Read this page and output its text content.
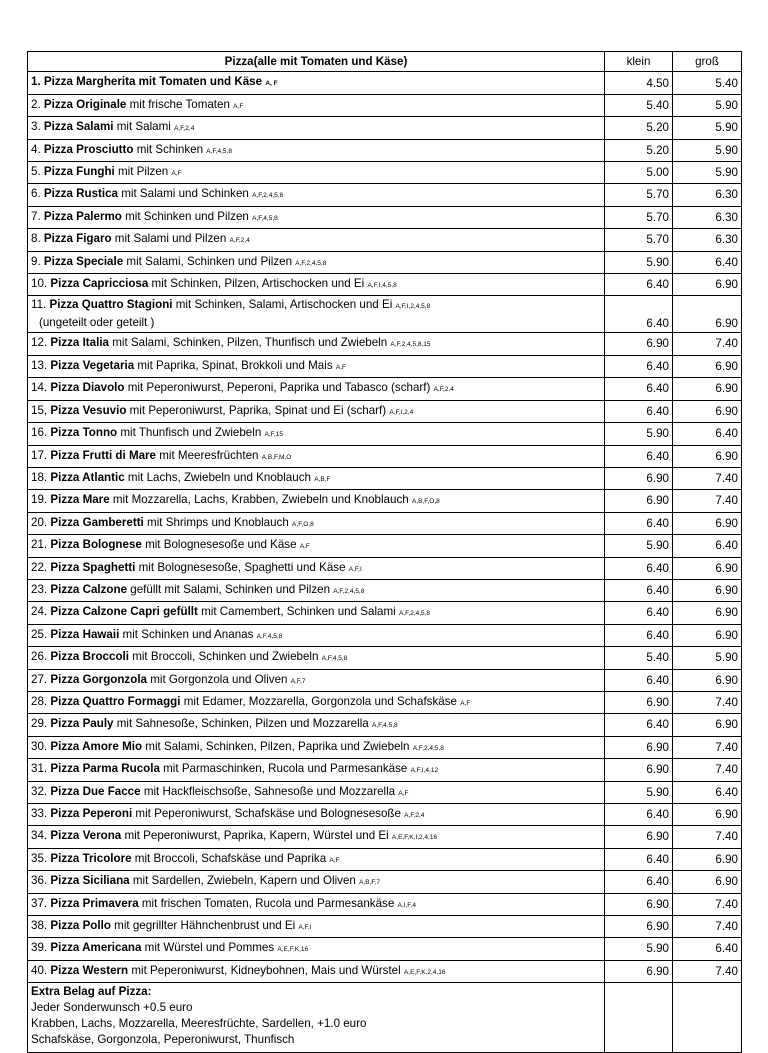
Pizza(alle mit Tomaten und Käse)	klein	groß

1. Pizza Margherita mit Tomaten und Käse A, F	4.50	5.40

2. Pizza Originale mit frische Tomaten A,F	5.40	5.90

3. Pizza Salami mit Salami A,F,2,4	5.20	5.90

4. Pizza Prosciutto mit Schinken A,F,4,5,8	5.20	5.90

5. Pizza Funghi mit Pilzen A,F	5.00	5.90

6. Pizza Rustica mit Salami und Schinken A,F,2,4,5,8	5.70	6.30

7. Pizza Palermo mit Schinken und Pilzen A,F,4,5,8	5.70	6.30

8. Pizza Figaro mit Salami und Pilzen A,F,2,4	5.70	6.30

9. Pizza Speciale mit Salami, Schinken und Pilzen A,F,2,4,5,8	5.90	6.40

10. Pizza Capricciosa mit Schinken, Pilzen, Artischocken und Ei A,F,I,4,5,8	6.40	6.90

11. Pizza Quattro Stagioni mit Schinken, Salami, Artischocken und Ei A,F,I,2,4,5,8
(ungeteilt oder geteilt )	6.40	6.90

12. Pizza Italia mit Salami, Schinken, Pilzen, Thunfisch und Zwiebeln A,F,2,4,5,8,15	6.90	7.40

13. Pizza Vegetaria mit Paprika, Spinat, Brokkoli und Mais A,F	6.40	6.90

14. Pizza Diavolo mit Peperoniwurst, Peperoni, Paprika und Tabasco (scharf) A,F,2,4	6.40	6.90

15, Pizza Vesuvio mit Peperoniwurst, Paprika, Spinat und Ei (scharf) A,F,I,2,4	6.40	6.90

16. Pizza Tonno mit Thunfisch und Zwiebeln A,F,15	5.90	6.40

17. Pizza Frutti di Mare mit Meeresfrüchten A,B,F,M,O	6.40	6.90

18. Pizza Atlantic mit Lachs, Zwiebeln und Knoblauch A,B,F	6.90	7.40

19. Pizza Mare mit Mozzarella, Lachs, Krabben, Zwiebeln und Knoblauch A,B,F,O,8	6.90	7.40

20. Pizza Gamberetti mit Shrimps und Knoblauch A,F,O,8	6.40	6.90

21. Pizza Bolognese mit Bolognesesoße und Käse A,F	5.90	6.40

22. Pizza Spaghetti mit Bolognesesoße, Spaghetti und Käse A,F,I	6.40	6.90

23. Pizza Calzone gefüllt mit Salami, Schinken und Pilzen A,F,2,4,5,8	6.40	6.90

24. Pizza Calzone Capri gefüllt mit Camembert, Schinken und Salami A,F,2,4,5,8	6.40	6.90

25. Pizza Hawaii mit Schinken und Ananas A,F,4,5,8	6.40	6.90

26. Pizza Broccoli mit Broccoli, Schinken und Zwiebeln A,F,4,5,8	5.40	5.90

27. Pizza Gorgonzola mit Gorgonzola und Oliven A,F,7	6.40	6.90

28. Pizza Quattro Formaggi mit Edamer, Mozzarella, Gorgonzola und Schafskäse A,F	6.90	7.40

29. Pizza Pauly mit Sahnesoße, Schinken, Pilzen und Mozzarella A,F,4,5,8	6.40	6.90

30. Pizza Amore Mio mit Salami, Schinken, Pilzen, Paprika und Zwiebeln A,F,2,4,5,8	6.90	7.40

31. Pizza Parma Rucola mit Parmaschinken, Rucola und Parmesankäse A,F,I,4,12	6.90	7.40

32. Pizza Due Facce mit Hackfleischsoße, Sahnesoße und Mozzarella A,F	5.90	6.40

33. Pizza Peperoni mit Peperoniwurst, Schafskäse und Bolognesesoße A,F,2,4	6.40	6.90

34. Pizza Verona mit Peperoniwurst, Paprika, Kapern, Würstel und Ei A,E,F,K,I,2,4,16	6.90	7.40

35. Pizza Tricolore mit Broccoli, Schafskäse und Paprika A,F	6.40	6.90

36. Pizza Siciliana mit Sardellen, Zwiebeln, Kapern und Oliven A,B,F,7	6.40	6.90

37. Pizza Primavera mit frischen Tomaten, Rucola und Parmesankäse A,I,F,4	6.90	7.40

38. Pizza Pollo mit gegrillter Hähnchenbrust und Ei A,F,I	6.90	7.40

39. Pizza Americana mit Würstel und Pommes A,E,F,K,16	5.90	6.40

40. Pizza Western mit Peperoniwurst, Kidneybohnen, Mais und Würstel A,E,F,K,2,4,16	6.90	7.40

Extra Belag auf Pizza:
Jeder Sonderwunsch +0.5 euro
Krabben, Lachs, Mozzarella, Meeresfrüchte, Sardellen, +1.0 euro
Schafskäse, Gorgonzola, Peperoniwurst, Thunfisch		
